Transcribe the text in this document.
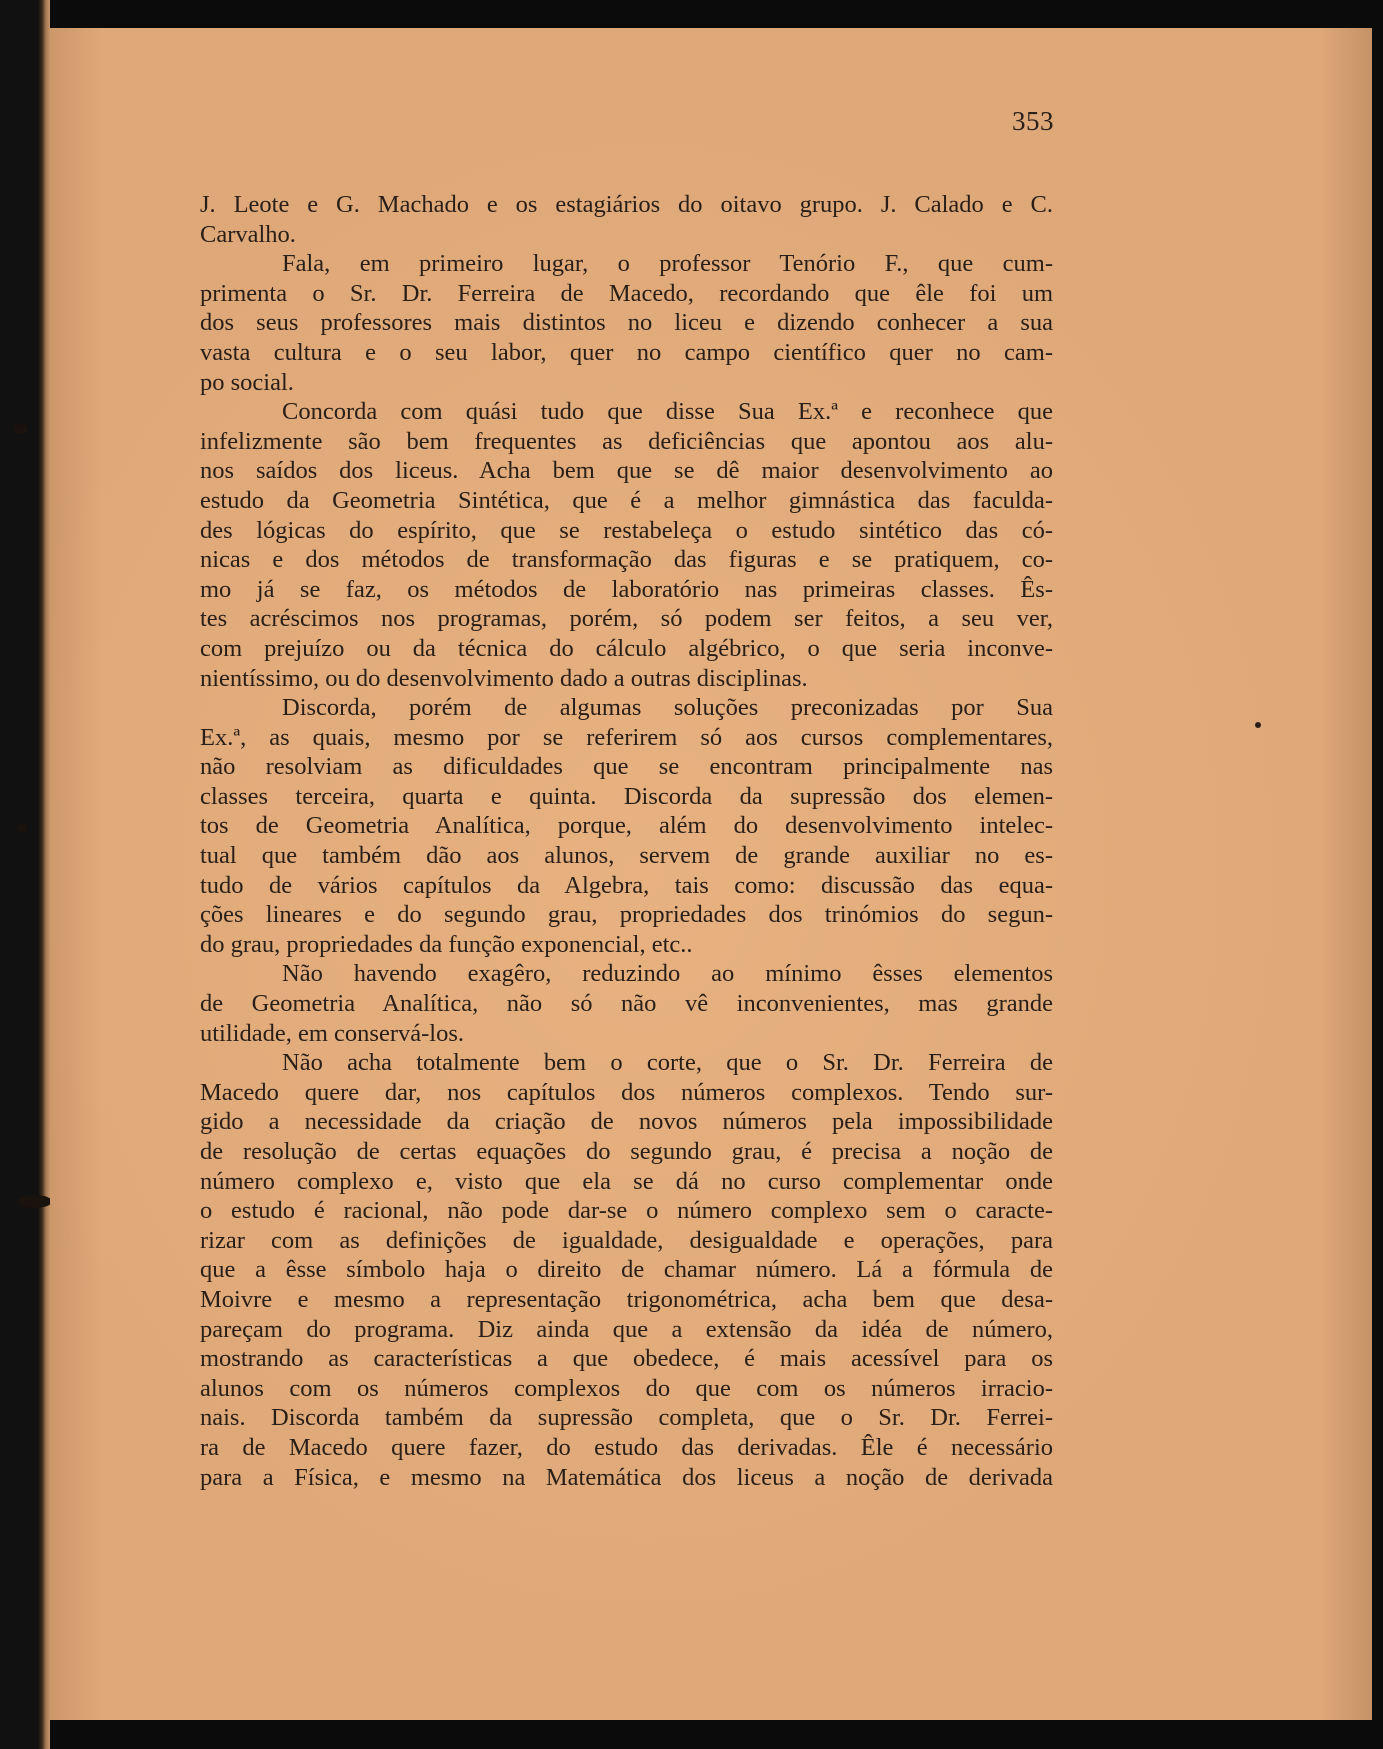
353
J. Leote e G. Machado e os estagiários do oitavo grupo. J. Calado e C.
Carvalho.
Fala, em primeiro lugar, o professor Tenório F., que cum-
primenta o Sr. Dr. Ferreira de Macedo, recordando que êle foi um
dos seus professores mais distintos no liceu e dizendo conhecer a sua
vasta cultura e o seu labor, quer no campo científico quer no cam-
po social.
Concorda com quási tudo que disse Sua Ex.ª e reconhece que
infelizmente são bem frequentes as deficiências que apontou aos alu-
nos saídos dos liceus. Acha bem que se dê maior desenvolvimento ao
estudo da Geometria Sintética, que é a melhor gimnástica das faculda-
des lógicas do espírito, que se restabeleça o estudo sintético das có-
nicas e dos métodos de transformação das figuras e se pratiquem, co-
mo já se faz, os métodos de laboratório nas primeiras classes. Ês-
tes acréscimos nos programas, porém, só podem ser feitos, a seu ver,
com prejuízo ou da técnica do cálculo algébrico, o que seria inconve-
nientíssimo, ou do desenvolvimento dado a outras disciplinas.
Discorda, porém de algumas soluções preconizadas por Sua
Ex.ª, as quais, mesmo por se referirem só aos cursos complementares,
não resolviam as dificuldades que se encontram principalmente nas
classes terceira, quarta e quinta. Discorda da supressão dos elemen-
tos de Geometria Analítica, porque, além do desenvolvimento intelec-
tual que também dão aos alunos, servem de grande auxiliar no es-
tudo de vários capítulos da Algebra, tais como: discussão das equa-
ções lineares e do segundo grau, propriedades dos trinómios do segun-
do grau, propriedades da função exponencial, etc..
Não havendo exagêro, reduzindo ao mínimo êsses elementos
de Geometria Analítica, não só não vê inconvenientes, mas grande
utilidade, em conservá-los.
Não acha totalmente bem o corte, que o Sr. Dr. Ferreira de
Macedo quere dar, nos capítulos dos números complexos. Tendo sur-
gido a necessidade da criação de novos números pela impossibilidade
de resolução de certas equações do segundo grau, é precisa a noção de
número complexo e, visto que ela se dá no curso complementar onde
o estudo é racional, não pode dar-se o número complexo sem o caracte-
rizar com as definições de igualdade, desigualdade e operações, para
que a êsse símbolo haja o direito de chamar número. Lá a fórmula de
Moivre e mesmo a representação trigonométrica, acha bem que desa-
pareçam do programa. Diz ainda que a extensão da idéa de número,
mostrando as características a que obedece, é mais acessível para os
alunos com os números complexos do que com os números irracio-
nais. Discorda também da supressão completa, que o Sr. Dr. Ferrei-
ra de Macedo quere fazer, do estudo das derivadas. Êle é necessário
para a Física, e mesmo na Matemática dos liceus a noção de derivada
